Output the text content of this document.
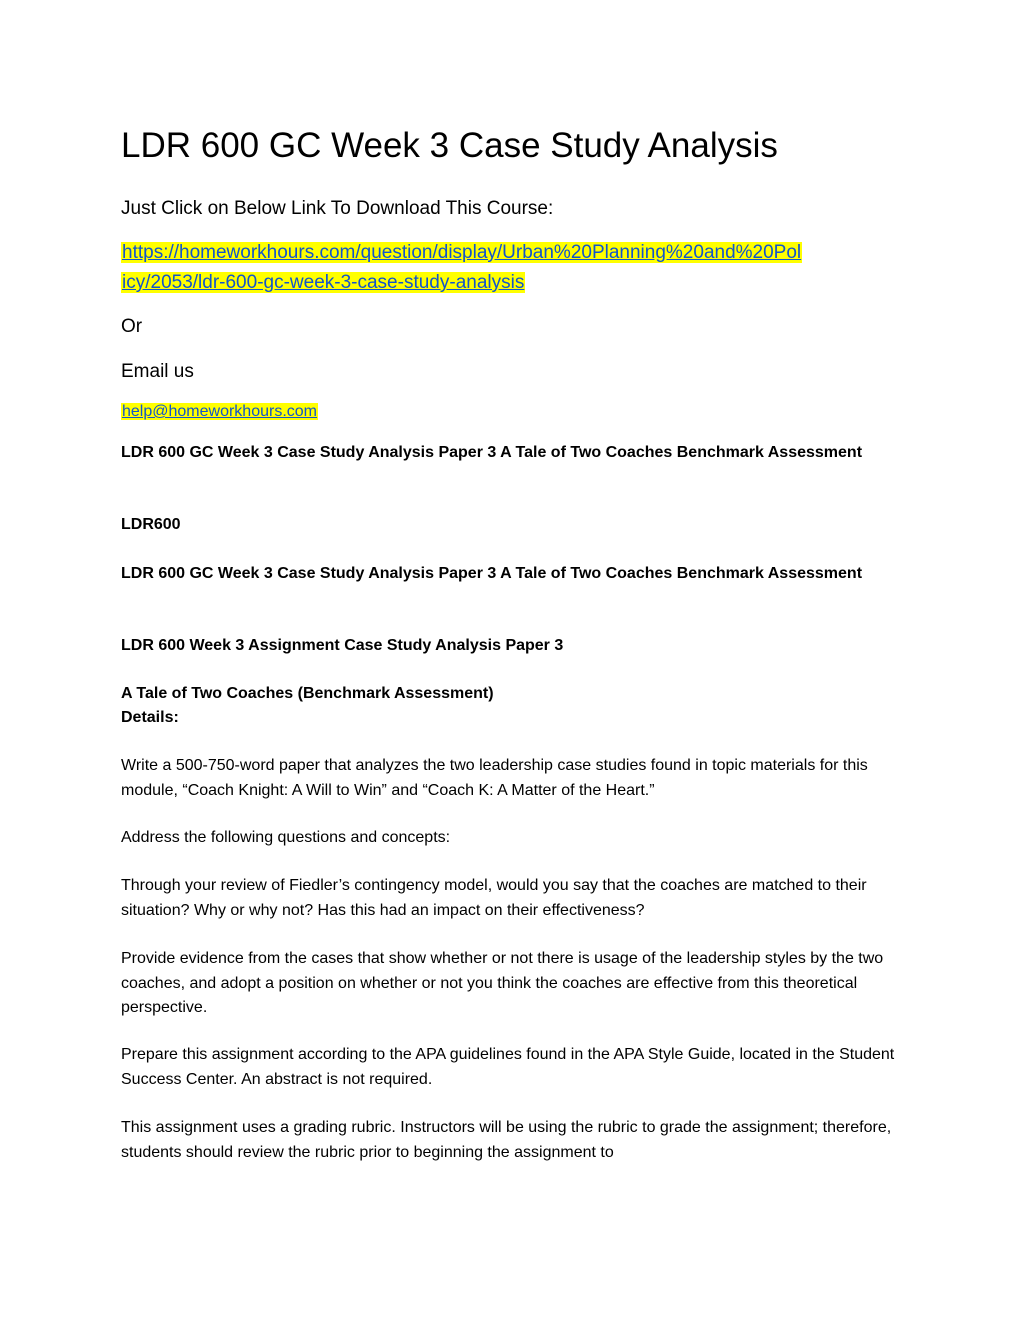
LDR 600 GC Week 3 Case Study Analysis

Just Click on Below Link To Download This Course:

https://homeworkhours.com/question/display/Urban%20Planning%20and%20Pol
icy/2053/ldr-600-gc-week-3-case-study-analysis

Or

Email us

help@homeworkhours.com

LDR 600 GC Week 3 Case Study Analysis Paper 3 A Tale of Two Coaches Benchmark Assessment

LDR600

LDR 600 GC Week 3 Case Study Analysis Paper 3 A Tale of Two Coaches Benchmark Assessment

LDR 600 Week 3 Assignment Case Study Analysis Paper 3

A Tale of Two Coaches (Benchmark Assessment)
Details:

Write a 500-750-word paper that analyzes the two leadership case studies found in topic materials for this module, “Coach Knight: A Will to Win” and “Coach K: A Matter of the Heart.”

Address the following questions and concepts:

Through your review of Fiedler’s contingency model, would you say that the coaches are matched to their situation? Why or why not? Has this had an impact on their effectiveness?

Provide evidence from the cases that show whether or not there is usage of the leadership styles by the two coaches, and adopt a position on whether or not you think the coaches are effective from this theoretical perspective.

Prepare this assignment according to the APA guidelines found in the APA Style Guide, located in the Student Success Center. An abstract is not required.

This assignment uses a grading rubric. Instructors will be using the rubric to grade the assignment; therefore, students should review the rubric prior to beginning the assignment to
